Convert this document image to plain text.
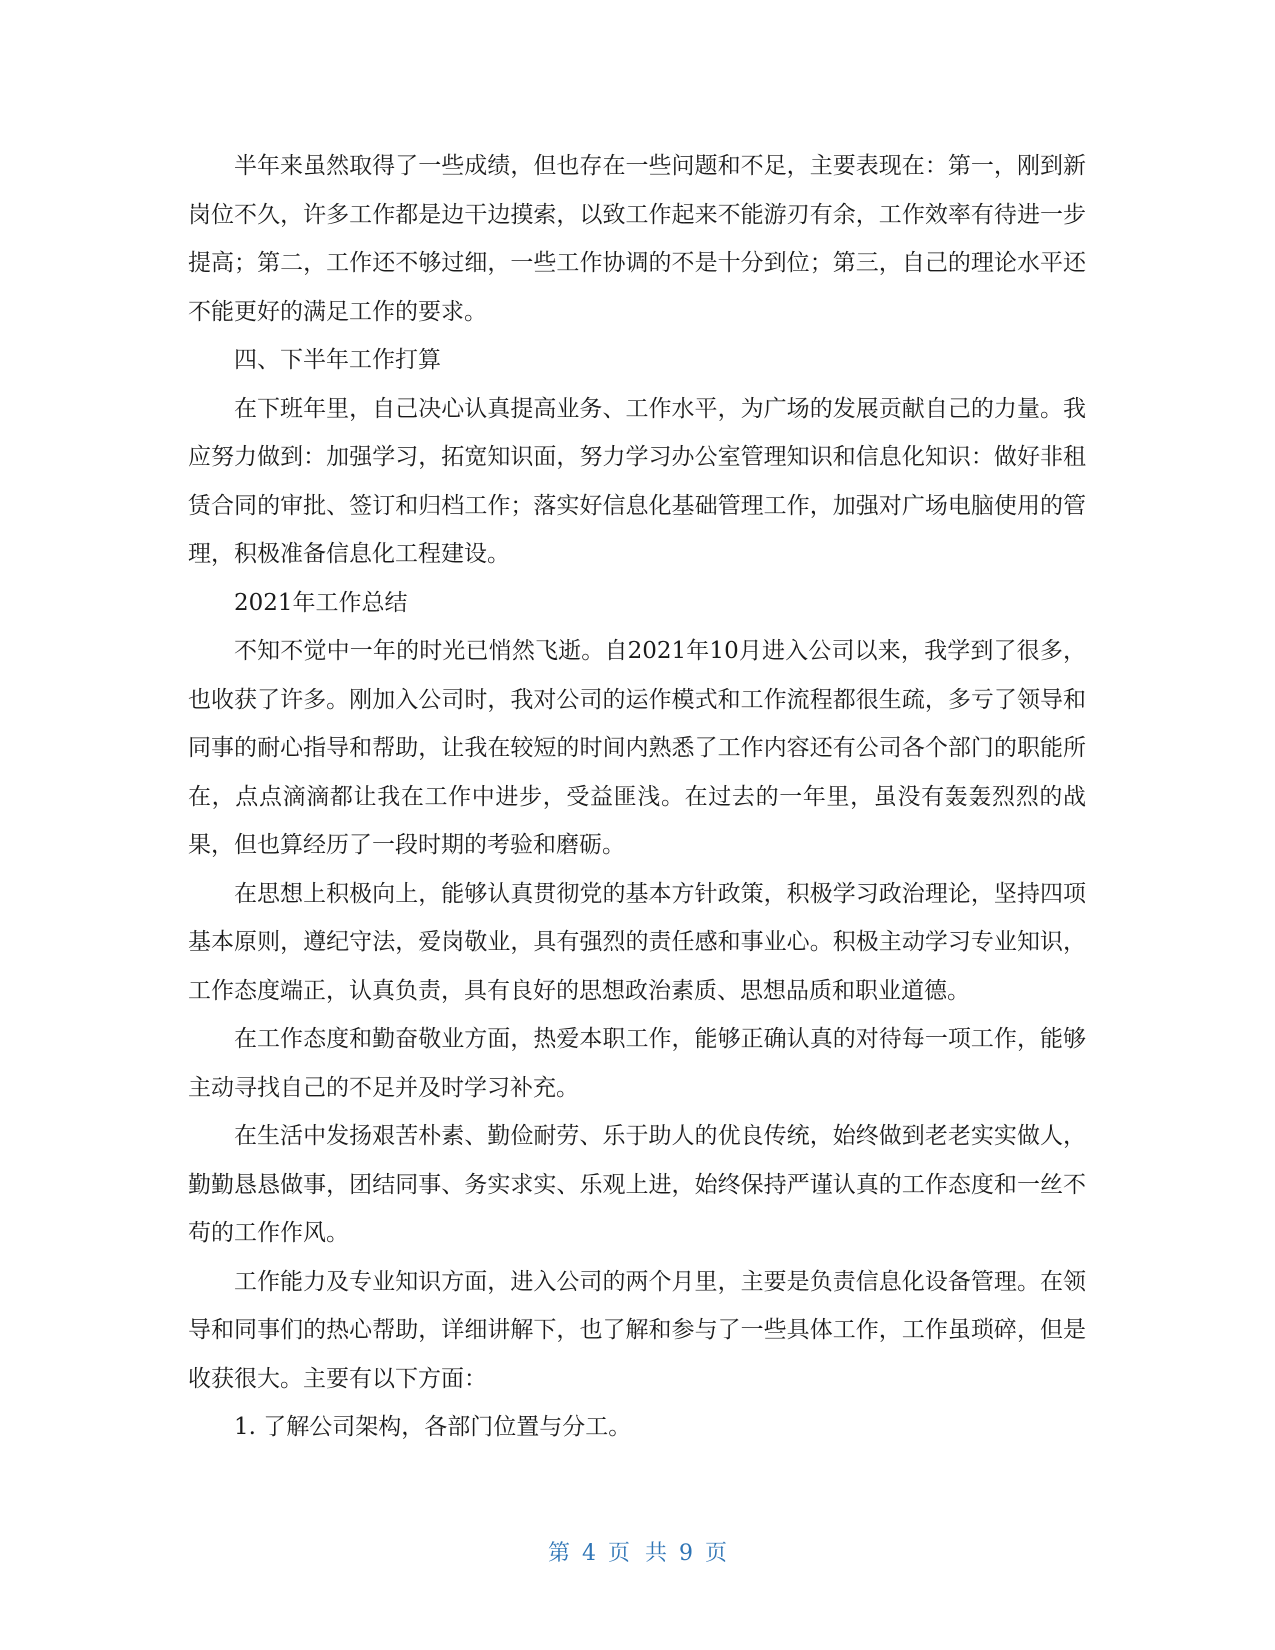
半年来虽然取得了一些成绩，但也存在一些问题和不足，主要表现在：第一，刚到新岗位不久，许多工作都是边干边摸索，以致工作起来不能游刃有余，工作效率有待进一步提高；第二，工作还不够过细，一些工作协调的不是十分到位；第三，自己的理论水平还不能更好的满足工作的要求。

四、下半年工作打算

在下班年里，自己决心认真提高业务、工作水平，为广场的发展贡献自己的力量。我应努力做到：加强学习，拓宽知识面，努力学习办公室管理知识和信息化知识：做好非租赁合同的审批、签订和归档工作；落实好信息化基础管理工作，加强对广场电脑使用的管理，积极准备信息化工程建设。

2021年工作总结

不知不觉中一年的时光已悄然飞逝。自2021年10月进入公司以来，我学到了很多，也收获了许多。刚加入公司时，我对公司的运作模式和工作流程都很生疏，多亏了领导和同事的耐心指导和帮助，让我在较短的时间内熟悉了工作内容还有公司各个部门的职能所在，点点滴滴都让我在工作中进步，受益匪浅。在过去的一年里，虽没有轰轰烈烈的战果，但也算经历了一段时期的考验和磨砺。

在思想上积极向上，能够认真贯彻党的基本方针政策，积极学习政治理论，坚持四项基本原则，遵纪守法，爱岗敬业，具有强烈的责任感和事业心。积极主动学习专业知识，工作态度端正，认真负责，具有良好的思想政治素质、思想品质和职业道德。

在工作态度和勤奋敬业方面，热爱本职工作，能够正确认真的对待每一项工作，能够主动寻找自己的不足并及时学习补充。

在生活中发扬艰苦朴素、勤俭耐劳、乐于助人的优良传统，始终做到老老实实做人，勤勤恳恳做事，团结同事、务实求实、乐观上进，始终保持严谨认真的工作态度和一丝不苟的工作作风。

工作能力及专业知识方面，进入公司的两个月里，主要是负责信息化设备管理。在领导和同事们的热心帮助，详细讲解下，也了解和参与了一些具体工作，工作虽琐碎，但是收获很大。主要有以下方面：

1. 了解公司架构，各部门位置与分工。

第 4 页 共 9 页
